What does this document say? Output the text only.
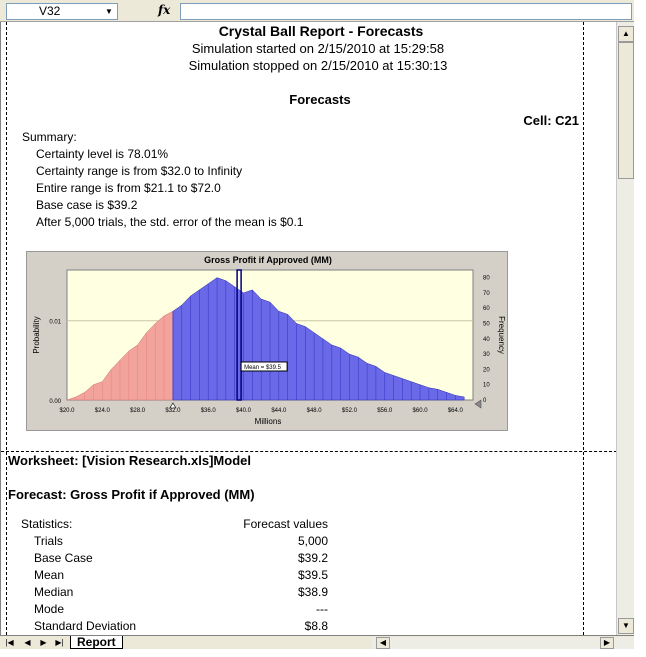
V32	▼	fx
Crystal Ball Report - Forecasts
Simulation started on 2/15/2010 at 15:29:58
Simulation stopped on 2/15/2010 at 15:30:13
Forecasts
Cell: C21
Summary:
Certainty level is 78.01%
Certainty range is from $32.0 to Infinity
Entire range is from $21.1 to $72.0
Base case is $39.2
After 5,000 trials, the std. error of the mean is $0.1
Gross Profit if Approved (MM)
0.00
0.01
Mean = $39.5
$20.0	$24.0	$28.0	$32.0	$36.0	$40.0	$44.0	$48.0	$52.0	$56.0	$60.0	$64.0
Millions
0
10
20
30
40
50
60
70
80
Probability	Frequency
Worksheet: [Vision Research.xls]Model
Forecast: Gross Profit if Approved (MM)
Statistics:	Forecast values
Trials	5,000
Base Case	$39.2
Mean	$39.5
Median	$38.9
Mode	---
Standard Deviation	$8.8
▲
▼
|◀	◀	▶	▶|	Report	◀	▶
